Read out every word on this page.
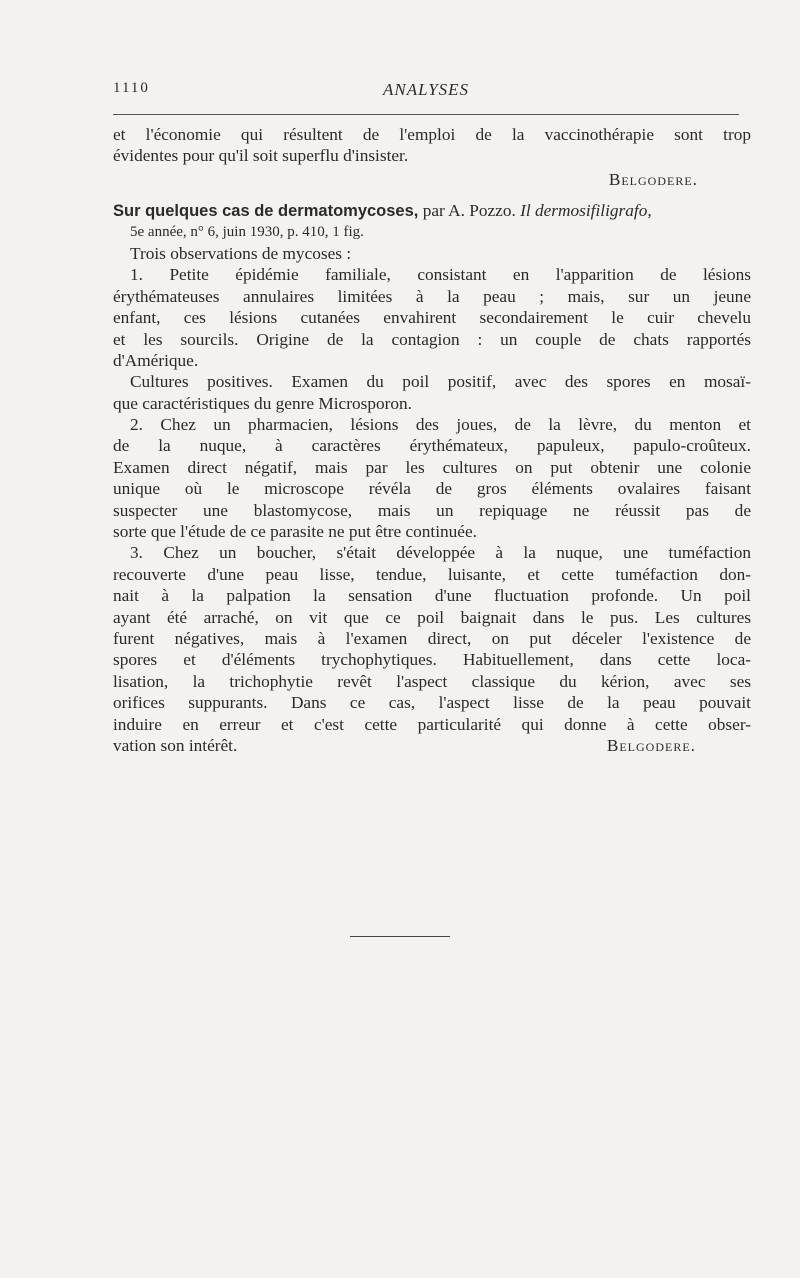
1110	ANALYSES
et l'économie qui résultent de l'emploi de la vaccinothérapie sont trop
évidentes pour qu'il soit superflu d'insister.
Belgodere.
Sur quelques cas de dermatomycoses, par A. Pozzo. Il dermosifiligrafo,
5e année, n° 6, juin 1930, p. 410, 1 fig.
Trois observations de mycoses :
1. Petite épidémie familiale, consistant en l'apparition de lésions
érythémateuses annulaires limitées à la peau ; mais, sur un jeune
enfant, ces lésions cutanées envahirent secondairement le cuir chevelu
et les sourcils. Origine de la contagion : un couple de chats rapportés
d'Amérique.
Cultures positives. Examen du poil positif, avec des spores en mosaï-
que caractéristiques du genre Microsporon.
2. Chez un pharmacien, lésions des joues, de la lèvre, du menton et
de la nuque, à caractères érythémateux, papuleux, papulo-croûteux.
Examen direct négatif, mais par les cultures on put obtenir une colonie
unique où le microscope révéla de gros éléments ovalaires faisant
suspecter une blastomycose, mais un repiquage ne réussit pas de
sorte que l'étude de ce parasite ne put être continuée.
3. Chez un boucher, s'était développée à la nuque, une tuméfaction
recouverte d'une peau lisse, tendue, luisante, et cette tuméfaction don-
nait à la palpation la sensation d'une fluctuation profonde. Un poil
ayant été arraché, on vit que ce poil baignait dans le pus. Les cultures
furent négatives, mais à l'examen direct, on put déceler l'existence de
spores et d'éléments trychophytiques. Habituellement, dans cette loca-
lisation, la trichophytie revêt l'aspect classique du kérion, avec ses
orifices suppurants. Dans ce cas, l'aspect lisse de la peau pouvait
induire en erreur et c'est cette particularité qui donne à cette obser-
vation son intérêt.	Belgodere.
